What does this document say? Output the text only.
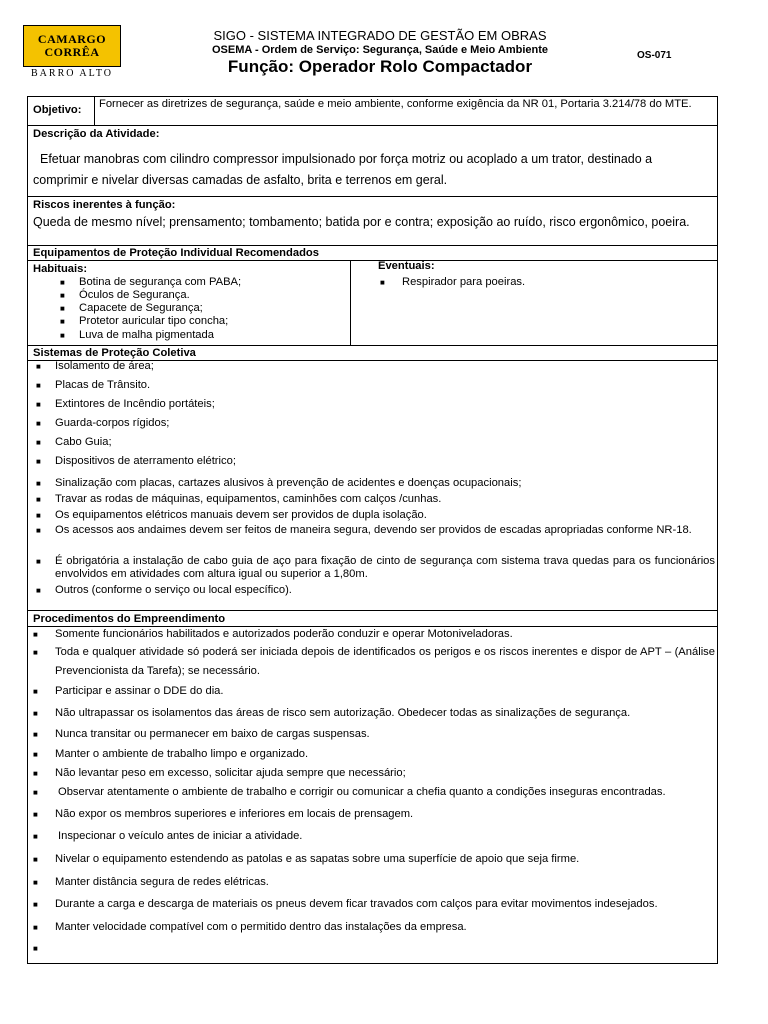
CAMARGO
CORRÊA
BARRO ALTO
SIGO - SISTEMA INTEGRADO DE GESTÃO EM OBRAS
OSEMA - Ordem de Serviço: Segurança, Saúde e Meio Ambiente
Função: Operador Rolo Compactador
OS-071
Objetivo: Fornecer as diretrizes de segurança, saúde e meio ambiente, conforme exigência da NR 01, Portaria 3.214/78 do MTE.
Descrição da Atividade:
Efetuar manobras com cilindro compressor impulsionado por força motriz ou acoplado a um trator, destinado a
comprimir e nivelar diversas camadas de asfalto, brita e terrenos em geral.
Riscos inerentes à função:
Queda de mesmo nível; prensamento; tombamento; batida por e contra; exposição ao ruído, risco ergonômico, poeira.
Equipamentos de Proteção Individual Recomendados
Habituais:
■ Botina de segurança com PABA;
■ Óculos de Segurança.
■ Capacete de Segurança;
■ Protetor auricular tipo concha;
■ Luva de malha pigmentada
Eventuais:
■ Respirador para poeiras.
Sistemas de Proteção Coletiva
■ Isolamento de área;
■ Placas de Trânsito.
■ Extintores de Incêndio portáteis;
■ Guarda-corpos rígidos;
■ Cabo Guia;
■ Dispositivos de aterramento elétrico;
■ Sinalização com placas, cartazes alusivos à prevenção de acidentes e doenças ocupacionais;
■ Travar as rodas de máquinas, equipamentos, caminhões com calços /cunhas.
■ Os equipamentos elétricos manuais devem ser providos de dupla isolação.
■ Os acessos aos andaimes devem ser feitos de maneira segura, devendo ser providos de escadas apropriadas conforme NR-18.
■ É obrigatória a instalação de cabo guia de aço para fixação de cinto de segurança com sistema trava quedas para os funcionários envolvidos em atividades com altura igual ou superior a 1,80m.
■ Outros (conforme o serviço ou local específico).
Procedimentos do Empreendimento
■ Somente funcionários habilitados e autorizados poderão conduzir e operar Motoniveladoras.
■ Toda e qualquer atividade só poderá ser iniciada depois de identificados os perigos e os riscos inerentes e dispor de APT – (Análise Prevencionista da Tarefa); se necessário.
■ Participar e assinar o DDE do dia.
■ Não ultrapassar os isolamentos das áreas de risco sem autorização. Obedecer todas as sinalizações de segurança.
■ Nunca transitar ou permanecer em baixo de cargas suspensas.
■ Manter o ambiente de trabalho limpo e organizado.
■ Não levantar peso em excesso, solicitar ajuda sempre que necessário;
■ Observar atentamente o ambiente de trabalho e corrigir ou comunicar a chefia quanto a condições inseguras encontradas.
■ Não expor os membros superiores e inferiores em locais de prensagem.
■ Inspecionar o veículo antes de iniciar a atividade.
■ Nivelar o equipamento estendendo as patolas e as sapatas sobre uma superfície de apoio que seja firme.
■ Manter distância segura de redes elétricas.
■ Durante a carga e descarga de materiais os pneus devem ficar travados com calços para evitar movimentos indesejados.
■ Manter velocidade compatível com o permitido dentro das instalações da empresa.
■
